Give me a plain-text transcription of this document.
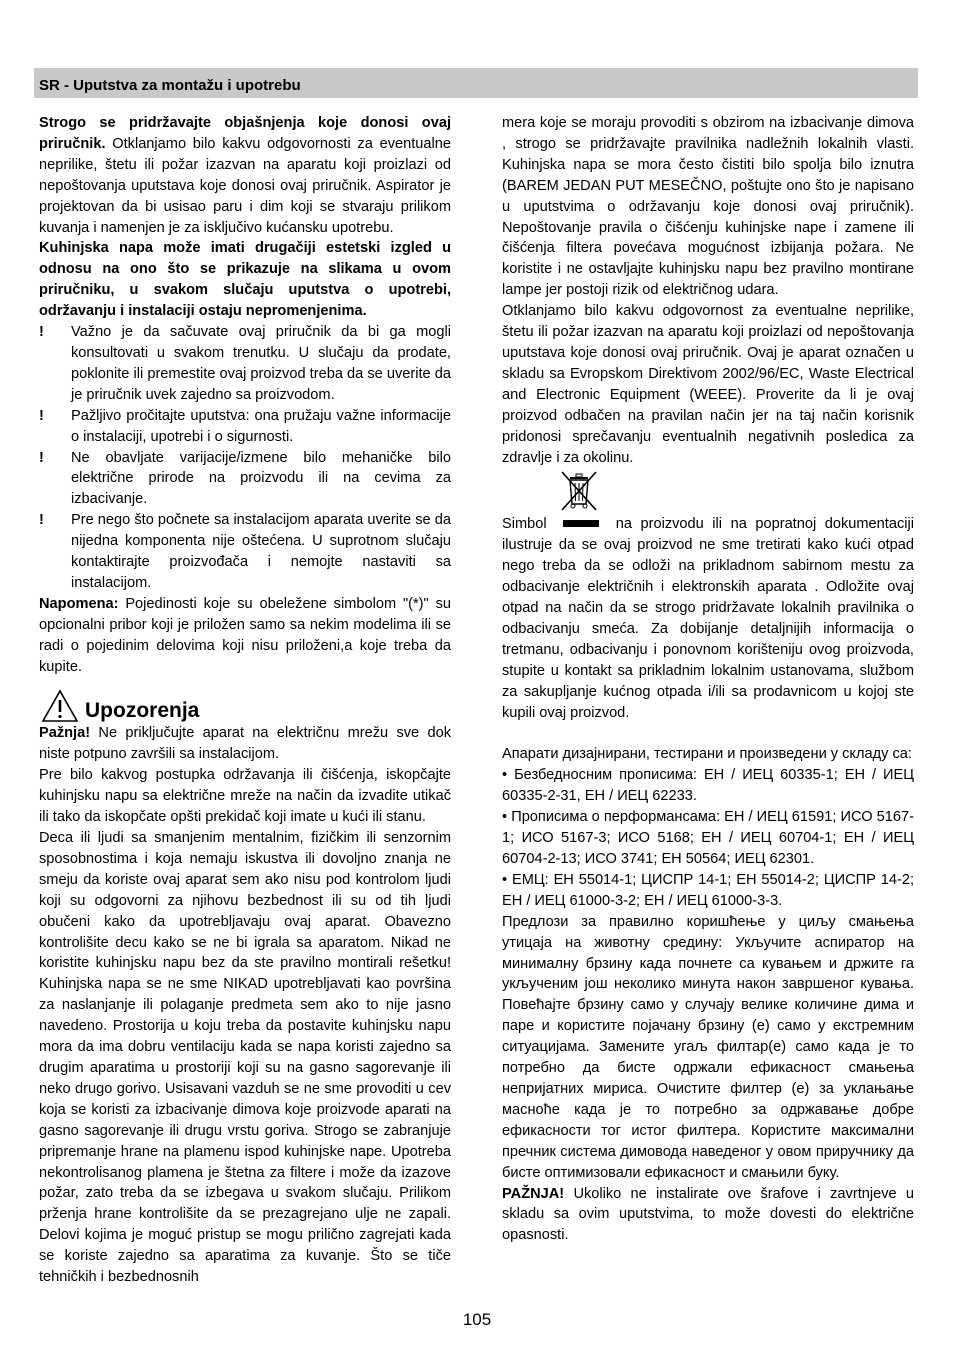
SR - Uputstva za montažu i upotrebu

Strogo se pridržavajte objašnjenja koje donosi ovaj priručnik. Otklanjamo bilo kakvu odgovornosti za eventualne neprilike, štetu ili požar izazvan na aparatu koji proizlazi od nepoštovanja uputstava koje donosi ovaj priručnik. Aspirator je projektovan da bi usisao paru i dim koji se stvaraju prilikom kuvanja i namenjen je za isključivo kućansku upotrebu.

Kuhinjska napa može imati drugačiji estetski izgled u odnosu na ono što se prikazuje na slikama u ovom priručniku, u svakom slučaju uputstva o upotrebi, održavanju i instalaciji ostaju nepromenjenima.

!	Važno je da sačuvate ovaj priručnik da bi ga mogli konsultovati u svakom trenutku. U slučaju da prodate, poklonite ili premestite ovaj proizvod treba da se uverite da je priručnik uvek zajedno sa proizvodom.
!	Pažljivo pročitajte uputstva: ona pružaju važne informacije o instalaciji, upotrebi i o sigurnosti.
!	Ne obavljate varijacije/izmene bilo mehaničke bilo električne prirode na proizvodu ili na cevima za izbacivanje.
!	Pre nego što počnete sa instalacijom aparata uverite se da nijedna komponenta nije oštećena. U suprotnom slučaju kontaktirajte proizvođača i nemojte nastaviti sa instalacijom.

Napomena: Pojedinosti koje su obeležene simbolom "(*)" su opcionalni pribor koji je priložen samo sa nekim modelima ili se radi o pojedinim delovima koji nisu priloženi,a koje treba da kupite.

Upozorenja

Pažnja! Ne priključujte aparat na električnu mrežu sve dok niste potpuno završili sa instalacijom.

Pre bilo kakvog postupka održavanja ili čišćenja, iskopčajte kuhinjsku napu sa električne mreže na način da izvadite utikač ili tako da iskopčate opšti prekidač koji imate u kući ili stanu.

Deca ili ljudi sa smanjenim mentalnim, fizičkim ili senzornim sposobnostima i koja nemaju iskustva ili dovoljno znanja ne smeju da koriste ovaj aparat sem ako nisu pod kontrolom ljudi koji su odgovorni za njihovu bezbednost ili su od tih ljudi obučeni kako da upotrebljavaju ovaj aparat. Obavezno kontrolišite decu kako se ne bi igrala sa aparatom. Nikad ne koristite kuhinjsku napu bez da ste pravilno montirali rešetku! Kuhinjska napa se ne sme NIKAD upotrebljavati kao površina za naslanjanje ili polaganje predmeta sem ako to nije jasno navedeno. Prostorija u koju treba da postavite kuhinjsku napu mora da ima dobru ventilaciju kada se napa koristi zajedno sa drugim aparatima u prostoriji koji su na gasno sagorevanje ili neko drugo gorivo. Usisavani vazduh se ne sme provoditi u cev koja se koristi za izbacivanje dimova koje proizvode aparati na gasno sagorevanje ili drugu vrstu goriva. Strogo se zabranjuje pripremanje hrane na plamenu ispod kuhinjske nape. Upotreba nekontrolisanog plamena je štetna za filtere i može da izazove požar, zato treba da se izbegava u svakom slučaju. Prilikom prženja hrane kontrolišite da se prezagrejano ulje ne zapali. Delovi kojima je moguć pristup se mogu prilično zagrejati kada se koriste zajedno sa aparatima za kuvanje. Što se tiče tehničkih i bezbednosnih

mera koje se moraju provoditi s obzirom na izbacivanje dimova , strogo se pridržavajte pravilnika nadležnih lokalnih vlasti. Kuhinjska napa se mora često čistiti bilo spolja bilo iznutra (BAREM JEDAN PUT MESEČNO, poštujte ono što je napisano u uputstvima o održavanju koje donosi ovaj priručnik). Nepoštovanje pravila o čišćenju kuhinjske nape i zamene ili čišćenja filtera povećava mogućnost izbijanja požara. Ne koristite i ne ostavljajte kuhinjsku napu bez pravilno montirane lampe jer postoji rizik od električnog udara.

Otklanjamo bilo kakvu odgovornost za eventualne neprilike, štetu ili požar izazvan na aparatu koji proizlazi od nepoštovanja uputstava koje donosi ovaj priručnik. Ovaj je aparat označen u skladu sa Evropskom Direktivom 2002/96/EC, Waste Electrical and Electronic Equipment (WEEE). Proverite da li je ovaj proizvod odbačen na pravilan način jer na taj način korisnik pridonosi sprečavanju eventualnih negativnih posledica za zdravlje i za okolinu.

Simbol	na proizvodu ili na popratnoj dokumentaciji ilustruje da se ovaj proizvod ne sme tretirati kako kući otpad nego treba da se odloži na prikladnom sabirnom mestu za odbacivanje električnih i elektronskih aparata . Odložite ovaj otpad na način da se strogo pridržavate lokalnih pravilnika o odbacivanju smeća. Za dobijanje detaljnijih informacija o tretmanu, odbacivanju i ponovnom korišteniju ovog proizvoda, stupite u kontakt sa prikladnim lokalnim ustanovama, službom za sakupljanje kućnog otpada i/ili sa prodavnicom u kojoj ste kupili ovaj proizvod.

Апарати дизајнирани, тестирани и произведени у складу са:

• Безбедносним прописима: ЕН / ИЕЦ 60335-1; ЕН / ИЕЦ 60335-2-31, ЕН / ИЕЦ 62233.

• Прописима о перформансама: ЕН / ИЕЦ 61591; ИСО 5167-1; ИСО 5167-3; ИСО 5168; ЕН / ИЕЦ 60704-1; ЕН / ИЕЦ 60704-2-13; ИСО 3741; ЕН 50564; ИЕЦ 62301.

• ЕМЦ: ЕН 55014-1; ЦИСПР 14-1; ЕН 55014-2; ЦИСПР 14-2; ЕН / ИЕЦ 61000-3-2; ЕН / ИЕЦ 61000-3-3.

Предлози за правилно коришћење у циљу смањења утицаја на животну средину: Укључите аспиратор на минималну брзину када почнете са кувањем и држите га укљученим још неколико минута након завршеног кувања. Повећајте брзину само у случају велике количине дима и паре и користите појачану брзину (е) само у екстремним ситуацијама. Замените угаљ филтар(е) само када је то потребно да бисте одржали ефикасност смањења непријатних мириса. Очистите филтер (е) за уклањање масноће када је то потребно за одржавање добре ефикасности тог истог филтера. Користите максимални пречник система димовода наведеног у овом приручнику да бисте оптимизовали ефикасност и смањили буку.

PAŽNJA! Ukoliko ne instalirate ove šrafove i zavrtnjeve u skladu sa ovim uputstvima, to može dovesti do električne opasnosti.

105
